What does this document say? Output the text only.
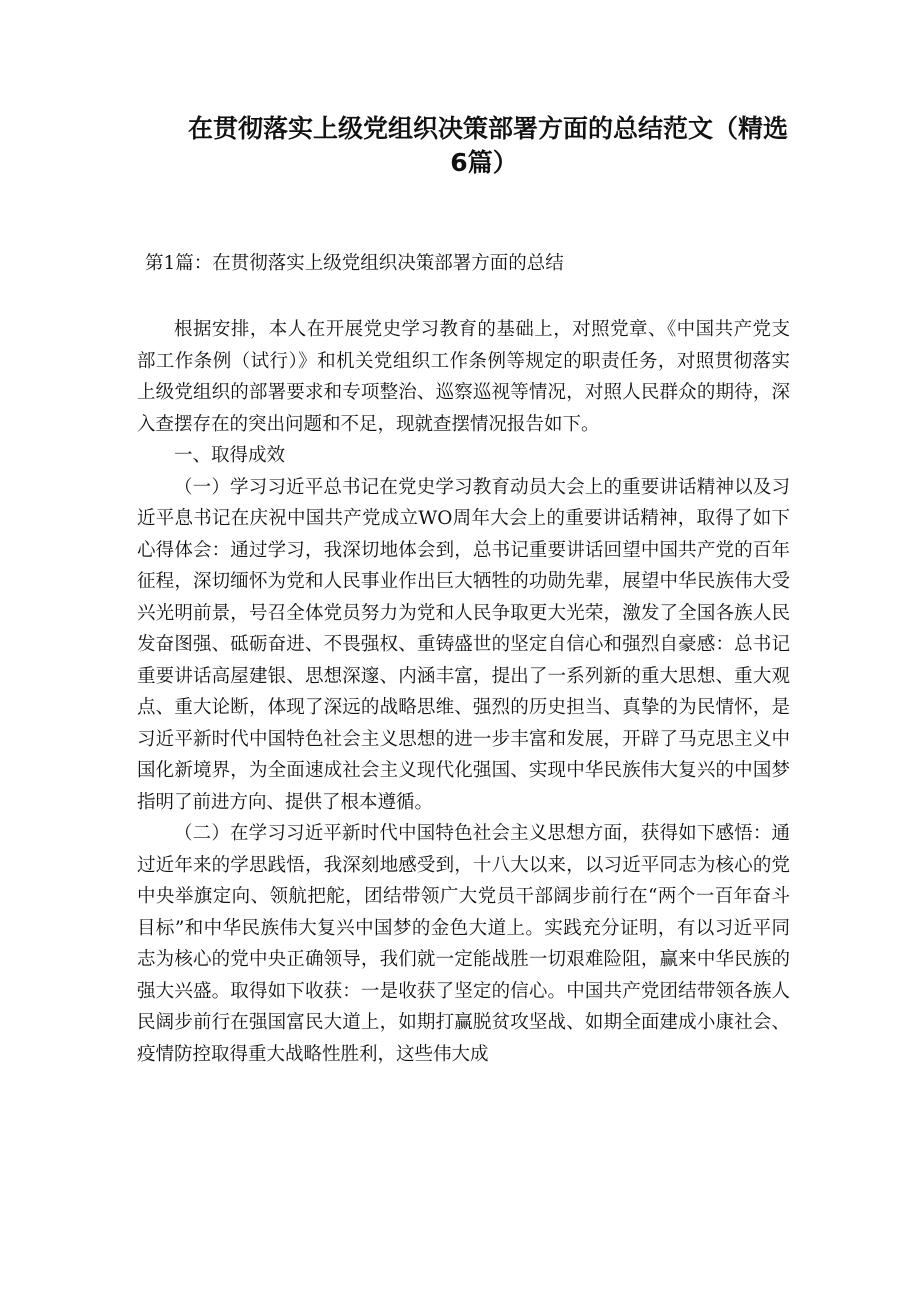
在贯彻落实上级党组织决策部署方面的总结范文（精选
6篇）

第1篇：在贯彻落实上级党组织决策部署方面的总结

根据安排，本人在开展党史学习教育的基础上，对照党章、《中国共产党支部工作条例（试行）》和机关党组织工作条例等规定的职责任务，对照贯彻落实上级党组织的部署要求和专项整治、巡察巡视等情况，对照人民群众的期待，深入查摆存在的突出问题和不足，现就查摆情况报告如下。

一、取得成效

（一）学习习近平总书记在党史学习教育动员大会上的重要讲话精神以及习近平息书记在庆祝中国共产党成立WO周年大会上的重要讲话精神，取得了如下心得体会：通过学习，我深切地体会到，总书记重要讲话回望中国共产党的百年征程，深切缅怀为党和人民事业作出巨大牺牲的功勋先辈，展望中华民族伟大受兴光明前景，号召全体党员努力为党和人民争取更大光荣，激发了全国各族人民发奋图强、砥砺奋进、不畏强权、重铸盛世的坚定自信心和强烈自豪感：总书记重要讲话高屋建银、思想深邃、内涵丰富，提出了一系列新的重大思想、重大观点、重大论断，体现了深远的战略思维、强烈的历史担当、真挚的为民情怀，是习近平新时代中国特色社会主义思想的进一步丰富和发展，开辟了马克思主义中国化新境界，为全面速成社会主义现代化强国、实现中华民族伟大复兴的中国梦指明了前进方向、提供了根本遵循。

（二）在学习习近平新时代中国特色社会主义思想方面，获得如下感悟：通过近年来的学思践悟，我深刻地感受到，十八大以来，以习近平同志为核心的党中央举旗定向、领航把舵，团结带领广大党员干部阔步前行在“两个一百年奋斗目标”和中华民族伟大复兴中国梦的金色大道上。实践充分证明，有以习近平同志为核心的党中央正确领导，我们就一定能战胜一切艰难险阻，赢来中华民族的强大兴盛。取得如下收获：一是收获了坚定的信心。中国共产党团结带领各族人民阔步前行在强国富民大道上，如期打赢脱贫攻坚战、如期全面建成小康社会、疫情防控取得重大战略性胜利，这些伟大成
